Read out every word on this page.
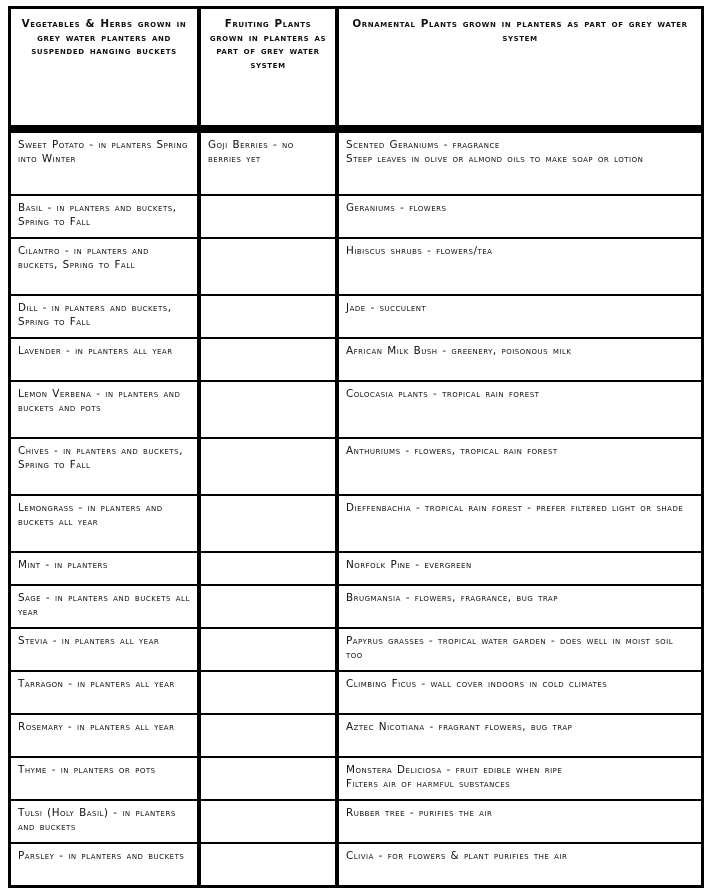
Vegetables & Herbs grown in grey water planters and suspended hanging buckets	Fruiting Plants grown in planters as part of grey water system	Ornamental Plants grown in planters as part of grey water system
Sweet Potato - in planters Spring into Winter	Goji Berries - no berries yet	Scented Geraniums - fragrance
Steep leaves in olive or almond oils to make soap or lotion

Basil - in planters and buckets, Spring to Fall		Geraniums - flowers

Cilantro - in planters and buckets, Spring to Fall		Hibiscus shrubs - flowers/tea

Dill - in planters and buckets, Spring to Fall		Jade - succulent

Lavender - in planters all year		African Milk Bush - greenery, poisonous milk

Lemon Verbena - in planters and buckets and pots		Colocasia plants - tropical rain forest

Chives - in planters and buckets, Spring to Fall		Anthuriums - flowers, tropical rain forest

Lemongrass - in planters and buckets all year		Dieffenbachia - tropical rain forest - prefer filtered light or shade

Mint - in planters		Norfolk Pine - evergreen

Sage - in planters and buckets all year		Brugmansia - flowers, fragrance, bug trap

Stevia - in planters all year		Papyrus grasses - tropical water garden - does well in moist soil too

Tarragon - in planters all year		Climbing Ficus - wall cover indoors in cold climates

Rosemary - in planters all year		Aztec Nicotiana - fragrant flowers, bug trap

Thyme - in planters or pots		Monstera Deliciosa - fruit edible when ripe
Filters air of harmful substances

Tulsi (Holy Basil) - in planters and buckets		Rubber tree - purifies the air

Parsley - in planters and buckets		Clivia - for flowers & plant purifies the air
